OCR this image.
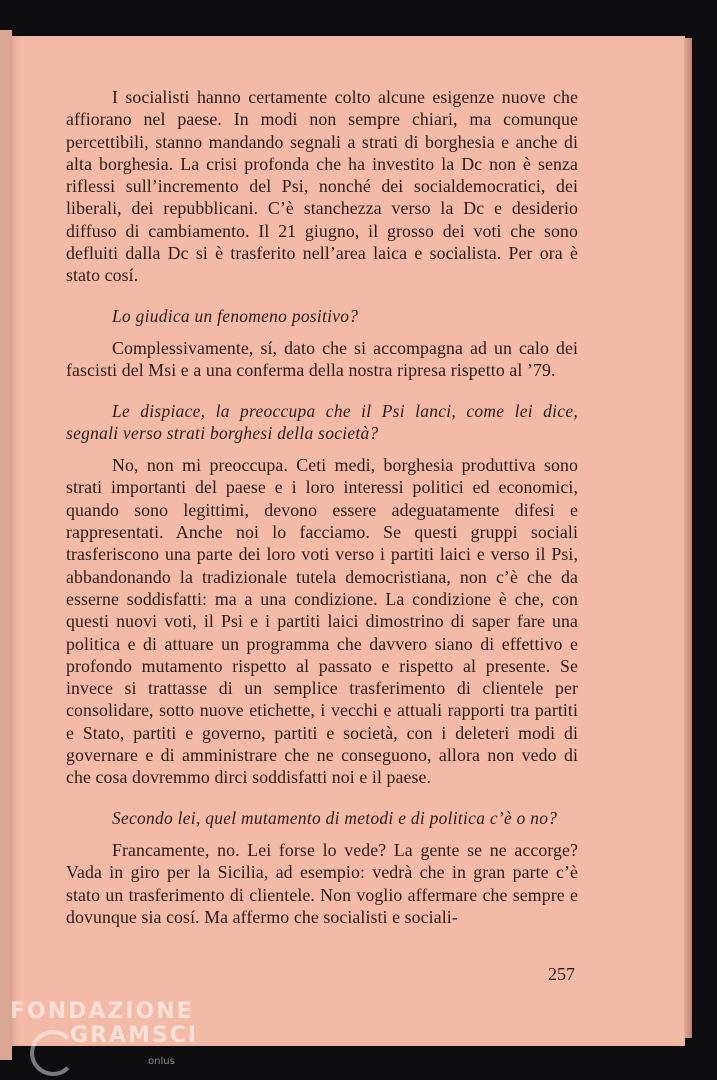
I socialisti hanno certamente colto alcune esigenze nuove che affiorano nel paese. In modi non sempre chiari, ma comunque percettibili, stanno mandando segnali a strati di borghesia e anche di alta borghesia. La crisi profonda che ha investito la Dc non è senza riflessi sull’incremento del Psi, nonché dei socialdemocratici, dei liberali, dei repubblicani. C’è stanchezza verso la Dc e desiderio diffuso di cambiamento. Il 21 giugno, il grosso dei voti che sono defluiti dalla Dc si è trasferito nell’area laica e socialista. Per ora è stato cosí.

Lo giudica un fenomeno positivo?

Complessivamente, sí, dato che si accompagna ad un calo dei fascisti del Msi e a una conferma della nostra ripresa rispetto al ’79.

Le dispiace, la preoccupa che il Psi lanci, come lei dice, segnali verso strati borghesi della società?

No, non mi preoccupa. Ceti medi, borghesia produttiva sono strati importanti del paese e i loro interessi politici ed economici, quando sono legittimi, devono essere adeguatamente difesi e rappresentati. Anche noi lo facciamo. Se questi gruppi sociali trasferiscono una parte dei loro voti verso i partiti laici e verso il Psi, abbandonando la tradizionale tutela democristiana, non c’è che da esserne soddisfatti: ma a una condizione. La condizione è che, con questi nuovi voti, il Psi e i partiti laici dimostrino di saper fare una politica e di attuare un programma che davvero siano di effettivo e profondo mutamento rispetto al passato e rispetto al presente. Se invece si trattasse di un semplice trasferimento di clientele per consolidare, sotto nuove etichette, i vecchi e attuali rapporti tra partiti e Stato, partiti e governo, partiti e società, con i deleteri modi di governare e di amministrare che ne conseguono, allora non vedo di che cosa dovremmo dirci soddisfatti noi e il paese.

Secondo lei, quel mutamento di metodi e di politica c’è o no?

Francamente, no. Lei forse lo vede? La gente se ne accorge? Vada in giro per la Sicilia, ad esempio: vedrà che in gran parte c’è stato un trasferimento di clientele. Non voglio affermare che sempre e dovunque sia cosí. Ma affermo che socialisti e sociali-

257
FONDAZIONE
GRAMSCI
onlus
